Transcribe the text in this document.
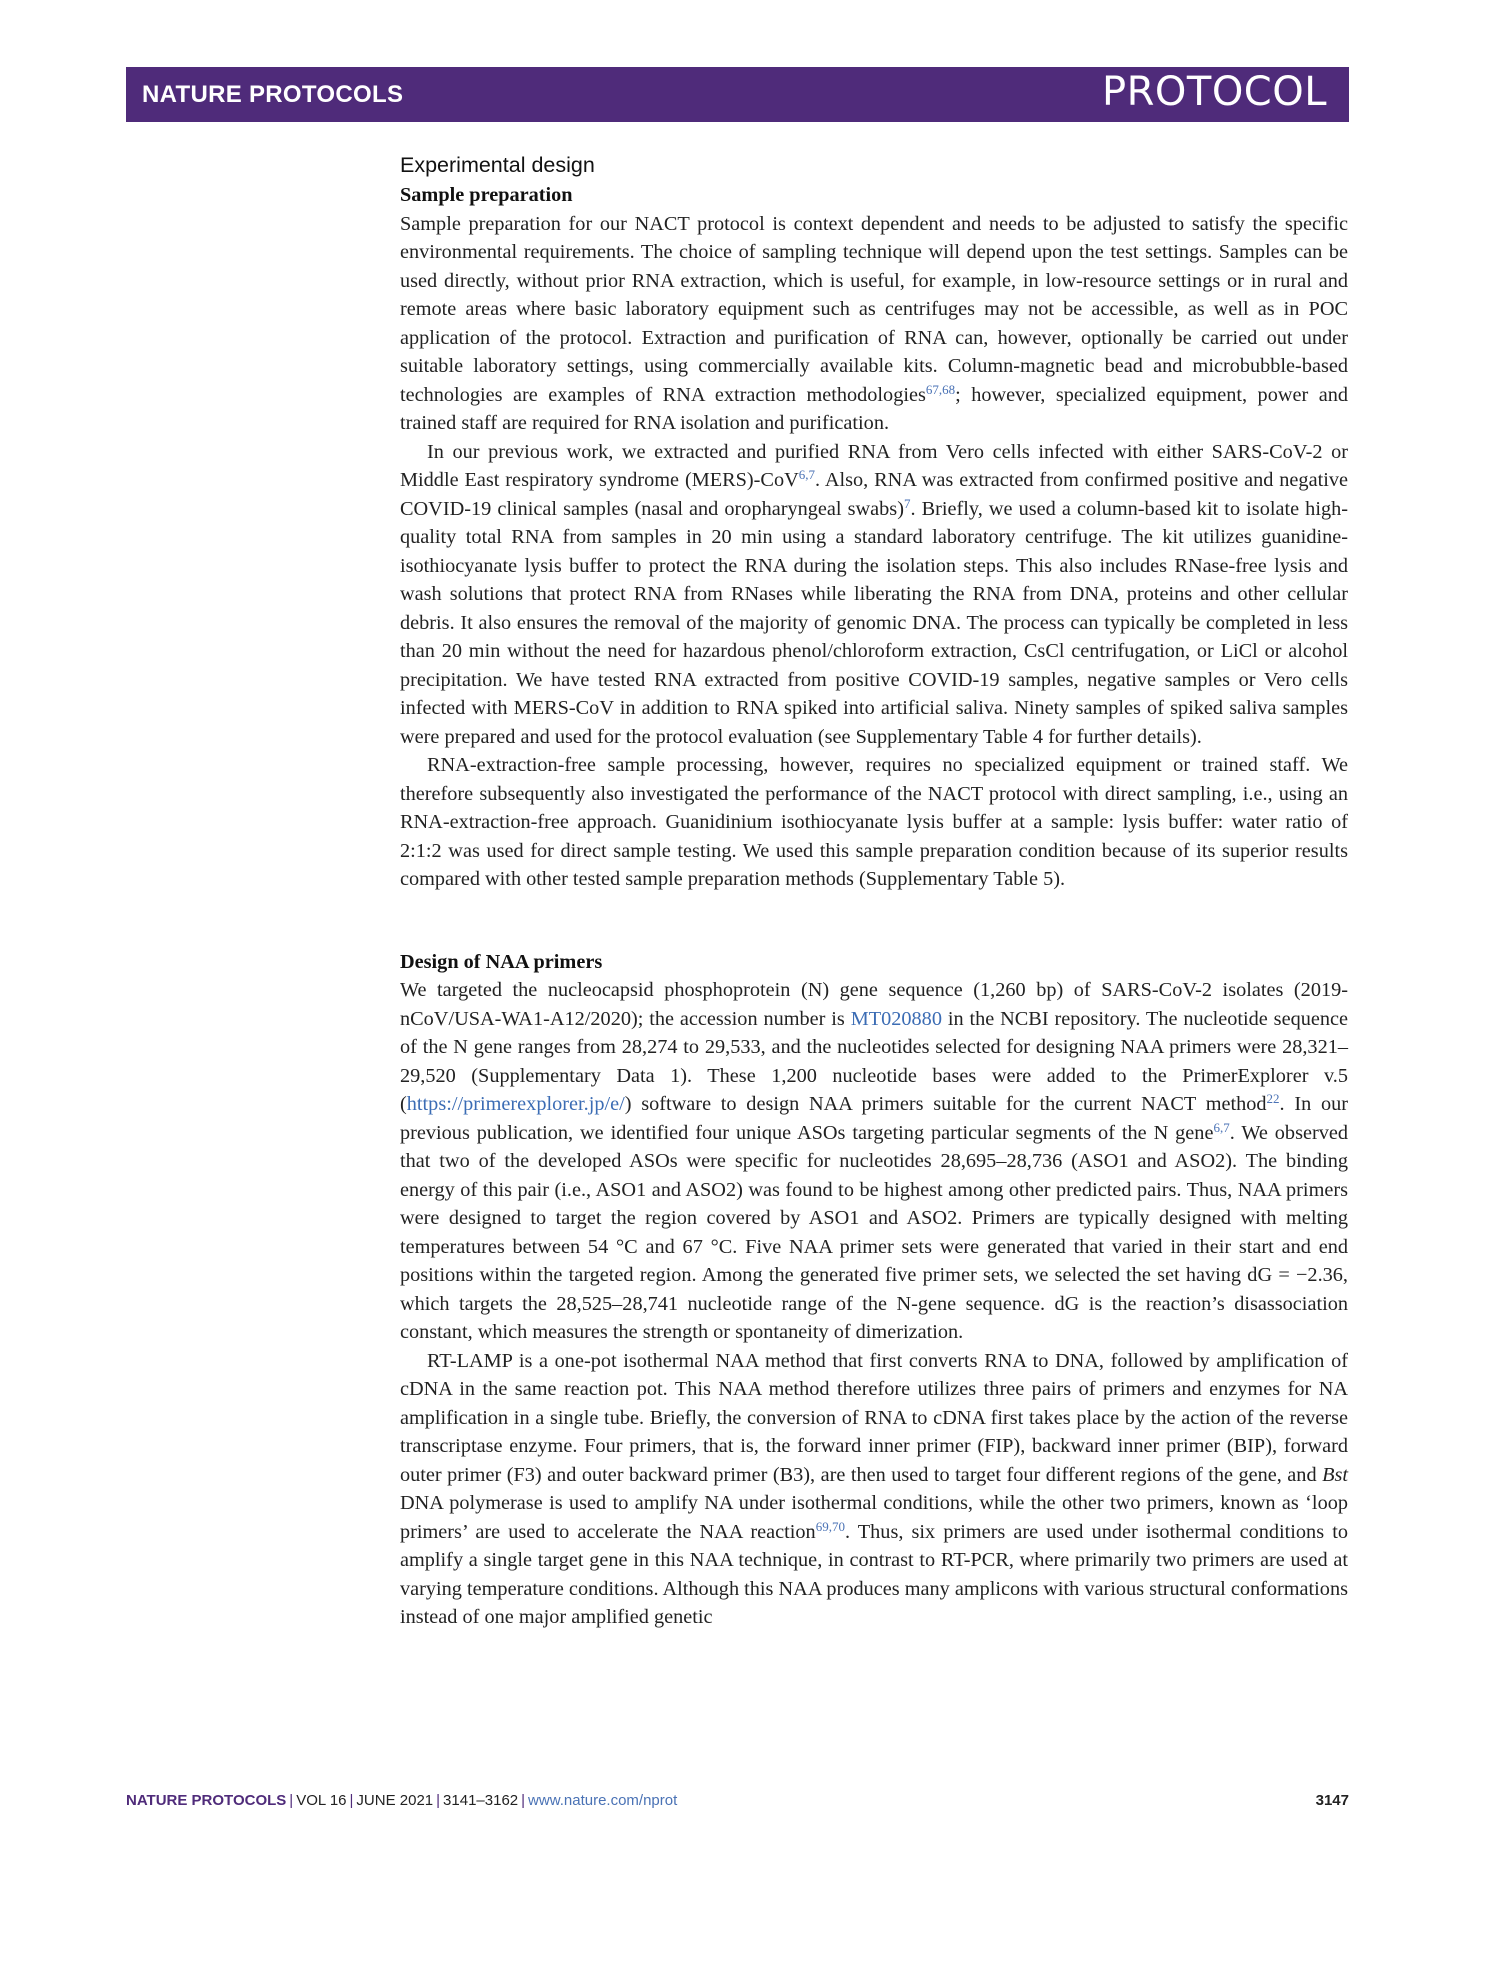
NATURE PROTOCOLS	PROTOCOL
Experimental design
Sample preparation

Sample preparation for our NACT protocol is context dependent and needs to be adjusted to satisfy the specific environmental requirements. The choice of sampling technique will depend upon the test settings. Samples can be used directly, without prior RNA extraction, which is useful, for example, in low-resource settings or in rural and remote areas where basic laboratory equipment such as centrifuges may not be accessible, as well as in POC application of the protocol. Extraction and purification of RNA can, however, optionally be carried out under suitable laboratory settings, using commercially available kits. Column-magnetic bead and microbubble-based technologies are examples of RNA extraction methodologies$^{67,68}$; however, specialized equipment, power and trained staff are required for RNA isolation and purification.

In our previous work, we extracted and purified RNA from Vero cells infected with either SARS-CoV-2 or Middle East respiratory syndrome (MERS)-CoV$^{6,7}$. Also, RNA was extracted from confirmed positive and negative COVID-19 clinical samples (nasal and oropharyngeal swabs)$^7$. Briefly, we used a column-based kit to isolate high-quality total RNA from samples in 20 min using a standard laboratory centrifuge. The kit utilizes guanidine-isothiocyanate lysis buffer to protect the RNA during the isolation steps. This also includes RNase-free lysis and wash solutions that protect RNA from RNases while liberating the RNA from DNA, proteins and other cellular debris. It also ensures the removal of the majority of genomic DNA. The process can typically be completed in less than 20 min without the need for hazardous phenol/chloroform extraction, CsCl centrifugation, or LiCl or alcohol precipitation. We have tested RNA extracted from positive COVID-19 samples, negative samples or Vero cells infected with MERS-CoV in addition to RNA spiked into artificial saliva. Ninety samples of spiked saliva samples were prepared and used for the protocol evaluation (see Supplementary Table 4 for further details).

RNA-extraction-free sample processing, however, requires no specialized equipment or trained staff. We therefore subsequently also investigated the performance of the NACT protocol with direct sampling, i.e., using an RNA-extraction-free approach. Guanidinium isothiocyanate lysis buffer at a sample: lysis buffer: water ratio of 2:1:2 was used for direct sample testing. We used this sample preparation condition because of its superior results compared with other tested sample preparation methods (Supplementary Table 5).

Design of NAA primers

We targeted the nucleocapsid phosphoprotein (N) gene sequence (1,260 bp) of SARS-CoV-2 isolates (2019-nCoV/USA-WA1-A12/2020); the accession number is MT020880 in the NCBI repository. The nucleotide sequence of the N gene ranges from 28,274 to 29,533, and the nucleotides selected for designing NAA primers were 28,321–29,520 (Supplementary Data 1). These 1,200 nucleotide bases were added to the PrimerExplorer v.5 (https://primerexplorer.jp/e/) software to design NAA primers suitable for the current NACT method$^{22}$. In our previous publication, we identified four unique ASOs targeting particular segments of the N gene$^{6,7}$. We observed that two of the developed ASOs were specific for nucleotides 28,695–28,736 (ASO1 and ASO2). The binding energy of this pair (i.e., ASO1 and ASO2) was found to be highest among other predicted pairs. Thus, NAA primers were designed to target the region covered by ASO1 and ASO2. Primers are typically designed with melting temperatures between 54 °C and 67 °C. Five NAA primer sets were generated that varied in their start and end positions within the targeted region. Among the generated five primer sets, we selected the set having dG = −2.36, which targets the 28,525–28,741 nucleotide range of the N-gene sequence. dG is the reaction’s disassociation constant, which measures the strength or spontaneity of dimerization.

RT-LAMP is a one-pot isothermal NAA method that first converts RNA to DNA, followed by amplification of cDNA in the same reaction pot. This NAA method therefore utilizes three pairs of primers and enzymes for NA amplification in a single tube. Briefly, the conversion of RNA to cDNA first takes place by the action of the reverse transcriptase enzyme. Four primers, that is, the forward inner primer (FIP), backward inner primer (BIP), forward outer primer (F3) and outer backward primer (B3), are then used to target four different regions of the gene, and Bst DNA polymerase is used to amplify NA under isothermal conditions, while the other two primers, known as ‘loop primers’ are used to accelerate the NAA reaction$^{69,70}$. Thus, six primers are used under isothermal conditions to amplify a single target gene in this NAA technique, in contrast to RT-PCR, where primarily two primers are used at varying temperature conditions. Although this NAA produces many amplicons with various structural conformations instead of one major amplified genetic

NATURE PROTOCOLS | VOL 16 | JUNE 2021 | 3141–3162 | www.nature.com/nprot	3147
